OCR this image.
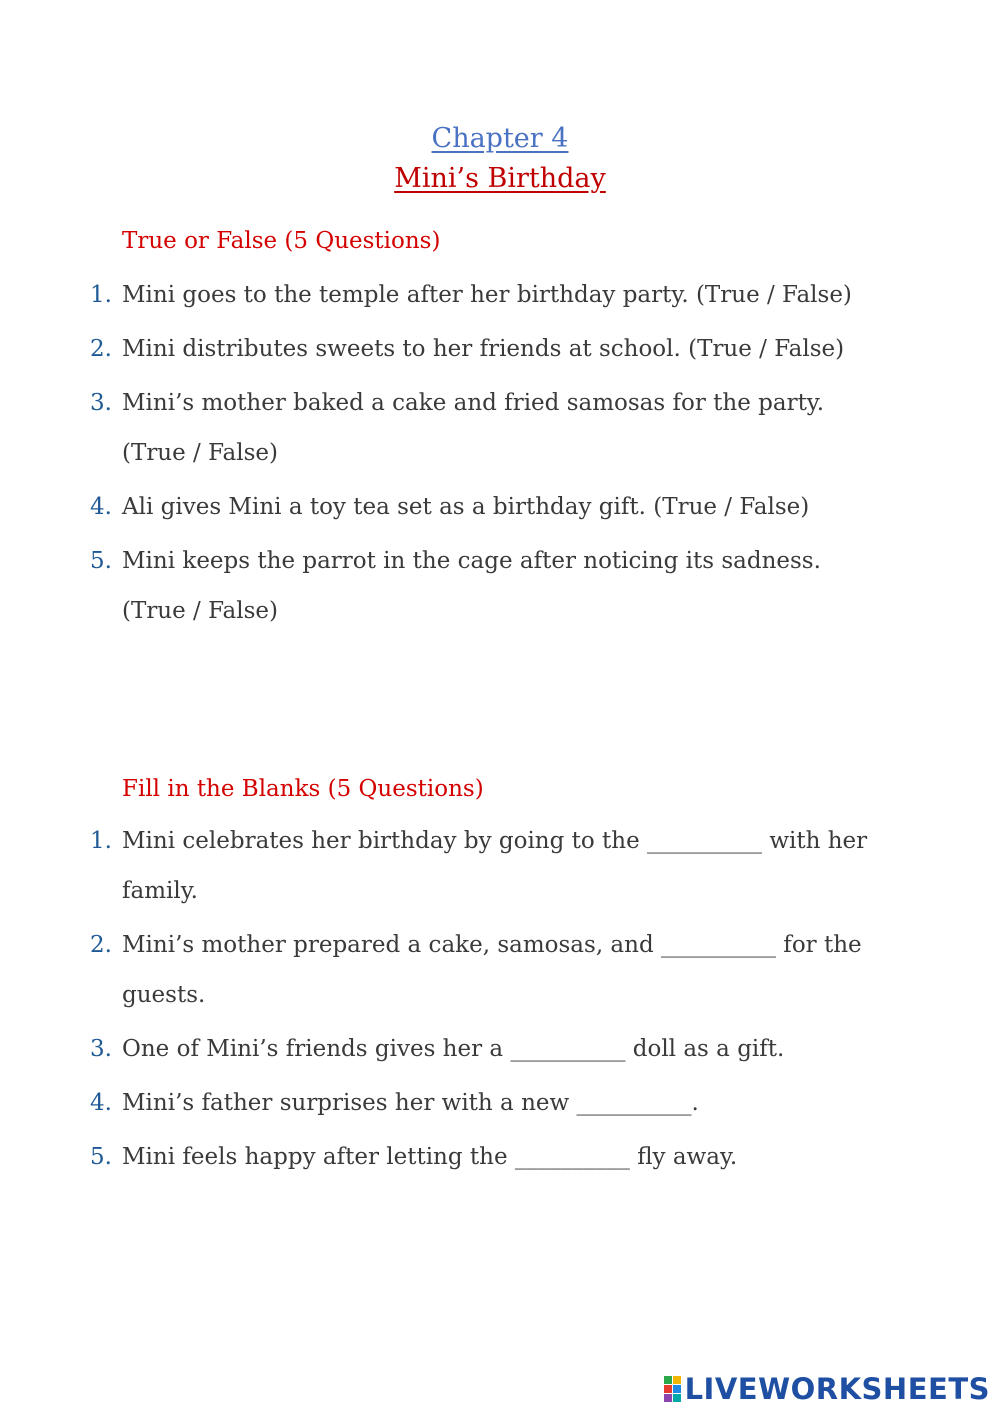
Chapter 4
Mini’s Birthday
True or False (5 Questions)
1. Mini goes to the temple after her birthday party. (True / False)
2. Mini distributes sweets to her friends at school. (True / False)
3. Mini’s mother baked a cake and fried samosas for the party. (True / False)
4. Ali gives Mini a toy tea set as a birthday gift. (True / False)
5. Mini keeps the parrot in the cage after noticing its sadness. (True / False)
Fill in the Blanks (5 Questions)
1. Mini celebrates her birthday by going to the __________ with her family.
2. Mini’s mother prepared a cake, samosas, and __________ for the guests.
3. One of Mini’s friends gives her a __________ doll as a gift.
4. Mini’s father surprises her with a new __________.
5. Mini feels happy after letting the __________ fly away.
LIVEWORKSHEETS
